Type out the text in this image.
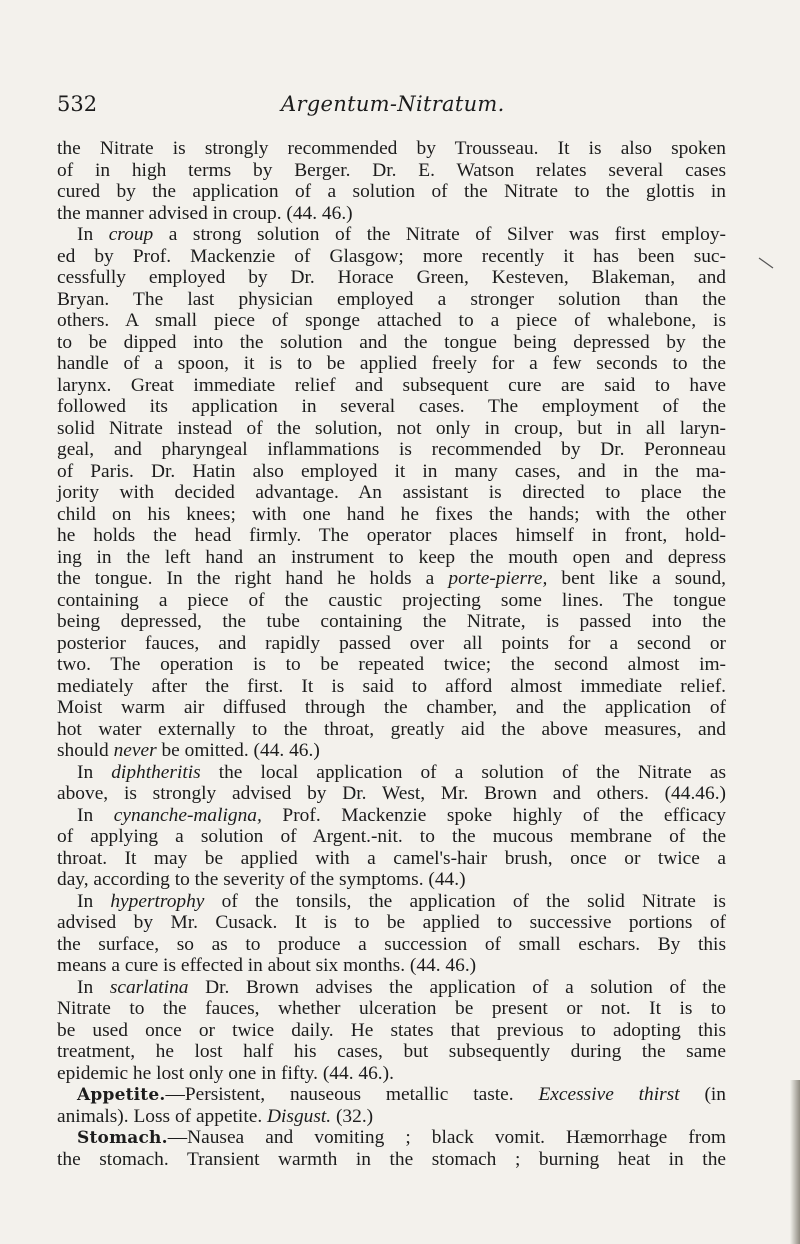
532	Argentum-Nitratum.
the Nitrate is strongly recommended by Trousseau. It is also spoken
of in high terms by Berger. Dr. E. Watson relates several cases
cured by the application of a solution of the Nitrate to the glottis in
the manner advised in croup. (44. 46.)
In croup a strong solution of the Nitrate of Silver was first employ-
ed by Prof. Mackenzie of Glasgow; more recently it has been suc-
cessfully employed by Dr. Horace Green, Kesteven, Blakeman, and
Bryan. The last physician employed a stronger solution than the
others. A small piece of sponge attached to a piece of whalebone, is
to be dipped into the solution and the tongue being depressed by the
handle of a spoon, it is to be applied freely for a few seconds to the
larynx. Great immediate relief and subsequent cure are said to have
followed its application in several cases. The employment of the
solid Nitrate instead of the solution, not only in croup, but in all laryn-
geal, and pharyngeal inflammations is recommended by Dr. Peronneau
of Paris. Dr. Hatin also employed it in many cases, and in the ma-
jority with decided advantage. An assistant is directed to place the
child on his knees; with one hand he fixes the hands; with the other
he holds the head firmly. The operator places himself in front, hold-
ing in the left hand an instrument to keep the mouth open and depress
the tongue. In the right hand he holds a porte-pierre, bent like a sound,
containing a piece of the caustic projecting some lines. The tongue
being depressed, the tube containing the Nitrate, is passed into the
posterior fauces, and rapidly passed over all points for a second or
two. The operation is to be repeated twice; the second almost im-
mediately after the first. It is said to afford almost immediate relief.
Moist warm air diffused through the chamber, and the application of
hot water externally to the throat, greatly aid the above measures, and
should never be omitted. (44. 46.)
In diphtheritis the local application of a solution of the Nitrate as
above, is strongly advised by Dr. West, Mr. Brown and others. (44.46.)
In cynanche-maligna, Prof. Mackenzie spoke highly of the efficacy
of applying a solution of Argent.-nit. to the mucous membrane of the
throat. It may be applied with a camel's-hair brush, once or twice a
day, according to the severity of the symptoms. (44.)
In hypertrophy of the tonsils, the application of the solid Nitrate is
advised by Mr. Cusack. It is to be applied to successive portions of
the surface, so as to produce a succession of small eschars. By this
means a cure is effected in about six months. (44. 46.)
In scarlatina Dr. Brown advises the application of a solution of the
Nitrate to the fauces, whether ulceration be present or not. It is to
be used once or twice daily. He states that previous to adopting this
treatment, he lost half his cases, but subsequently during the same
epidemic he lost only one in fifty. (44. 46.).
Appetite.—Persistent, nauseous metallic taste. Excessive thirst (in
animals). Loss of appetite. Disgust. (32.)
Stomach.—Nausea and vomiting ; black vomit. Hæmorrhage from
the stomach. Transient warmth in the stomach ; burning heat in the
